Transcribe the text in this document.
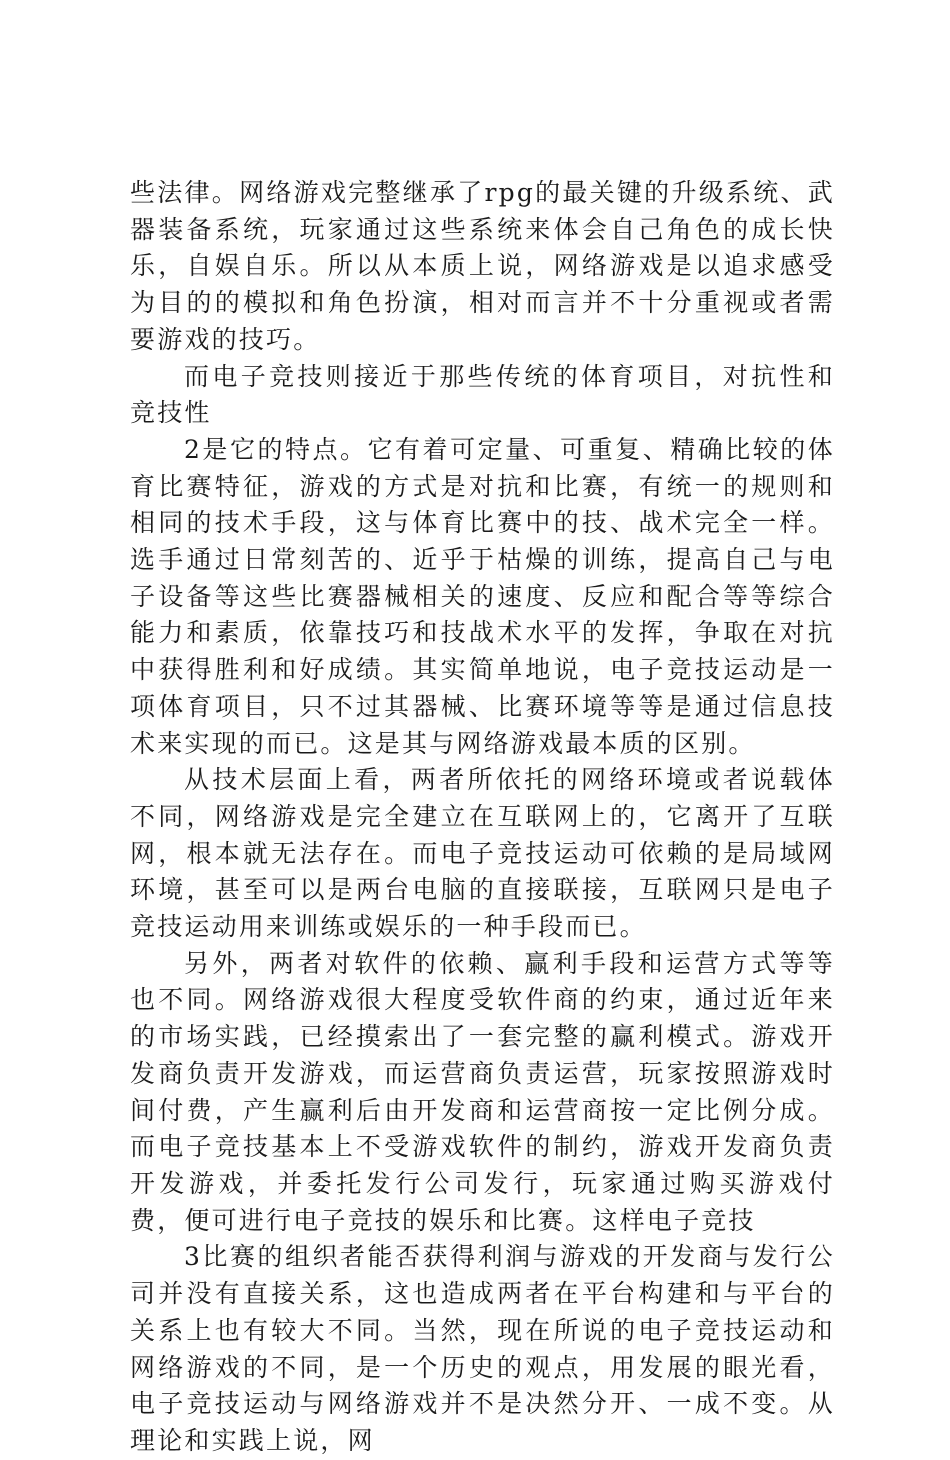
些法律。网络游戏完整继承了rpg的最关键的升级系统、武器装备系统，玩家通过这些系统来体会自己角色的成长快乐，自娱自乐。所以从本质上说，网络游戏是以追求感受为目的的模拟和角色扮演，相对而言并不十分重视或者需要游戏的技巧。

而电子竞技则接近于那些传统的体育项目，对抗性和竞技性

2是它的特点。它有着可定量、可重复、精确比较的体育比赛特征，游戏的方式是对抗和比赛，有统一的规则和相同的技术手段，这与体育比赛中的技、战术完全一样。选手通过日常刻苦的、近乎于枯燥的训练，提高自己与电子设备等这些比赛器械相关的速度、反应和配合等等综合能力和素质，依靠技巧和技战术水平的发挥，争取在对抗中获得胜利和好成绩。其实简单地说，电子竞技运动是一项体育项目，只不过其器械、比赛环境等等是通过信息技术来实现的而已。这是其与网络游戏最本质的区别。

从技术层面上看，两者所依托的网络环境或者说载体不同，网络游戏是完全建立在互联网上的，它离开了互联网，根本就无法存在。而电子竞技运动可依赖的是局域网环境，甚至可以是两台电脑的直接联接，互联网只是电子竞技运动用来训练或娱乐的一种手段而已。

另外，两者对软件的依赖、赢利手段和运营方式等等也不同。网络游戏很大程度受软件商的约束，通过近年来的市场实践，已经摸索出了一套完整的赢利模式。游戏开发商负责开发游戏，而运营商负责运营，玩家按照游戏时间付费，产生赢利后由开发商和运营商按一定比例分成。而电子竞技基本上不受游戏软件的制约，游戏开发商负责开发游戏，并委托发行公司发行，玩家通过购买游戏付费，便可进行电子竞技的娱乐和比赛。这样电子竞技

3比赛的组织者能否获得利润与游戏的开发商与发行公司并没有直接关系，这也造成两者在平台构建和与平台的关系上也有较大不同。当然，现在所说的电子竞技运动和网络游戏的不同，是一个历史的观点，用发展的眼光看，电子竞技运动与网络游戏并不是决然分开、一成不变。从理论和实践上说，网
